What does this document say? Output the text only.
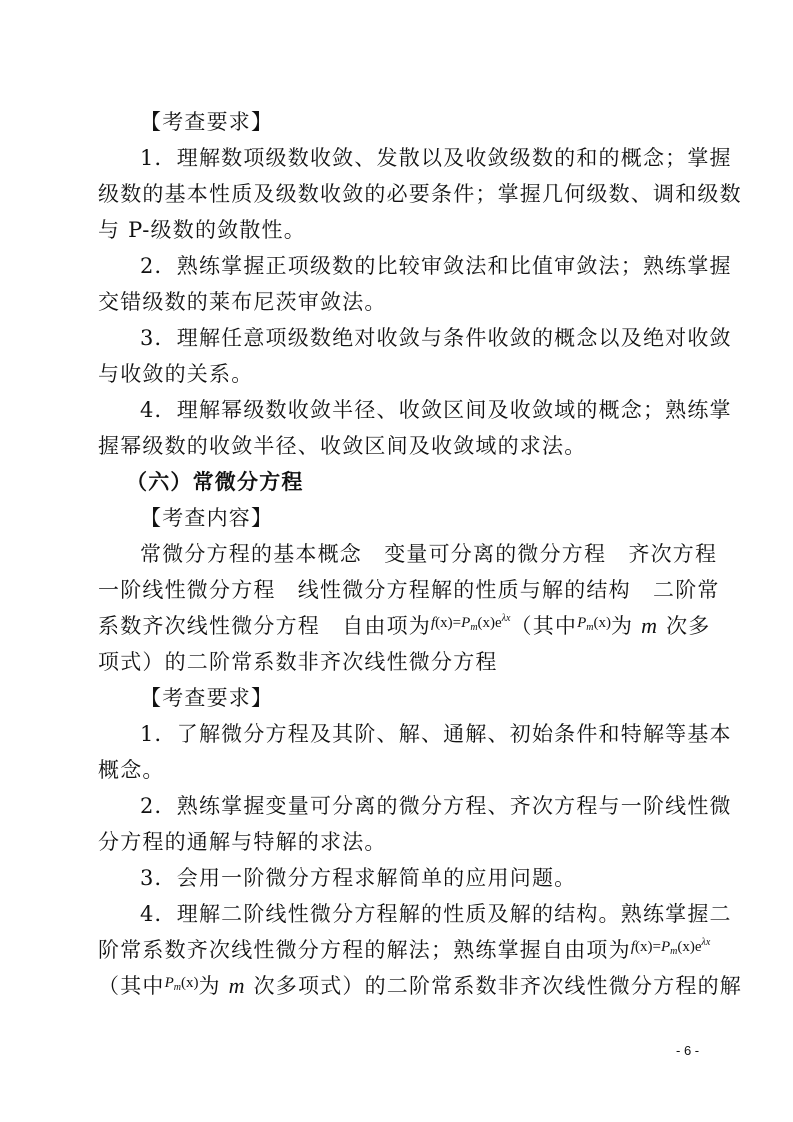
【考查要求】
1．理解数项级数收敛、发散以及收敛级数的和的概念；掌握
级数的基本性质及级数收敛的必要条件；掌握几何级数、调和级数
与 P-级数的敛散性。
2．熟练掌握正项级数的比较审敛法和比值审敛法；熟练掌握
交错级数的莱布尼茨审敛法。
3．理解任意项级数绝对收敛与条件收敛的概念以及绝对收敛
与收敛的关系。
4．理解幂级数收敛半径、收敛区间及收敛域的概念；熟练掌
握幂级数的收敛半径、收敛区间及收敛域的求法。
（六）常微分方程
【考查内容】
常微分方程的基本概念　变量可分离的微分方程　齐次方程
一阶线性微分方程　线性微分方程解的性质与解的结构　二阶常
系数齐次线性微分方程　自由项为$^{f(x)=P_m(x)e^{\lambda x}}$（其中$^{P_m(x)}$为 m 次多
项式）的二阶常系数非齐次线性微分方程
【考查要求】
1．了解微分方程及其阶、解、通解、初始条件和特解等基本
概念。
2．熟练掌握变量可分离的微分方程、齐次方程与一阶线性微
分方程的通解与特解的求法。
3．会用一阶微分方程求解简单的应用问题。
4．理解二阶线性微分方程解的性质及解的结构。熟练掌握二
阶常系数齐次线性微分方程的解法；熟练掌握自由项为$^{f(x)=P_m(x)e^{\lambda x}}$
（其中$^{P_m(x)}$为 m 次多项式）的二阶常系数非齐次线性微分方程的解
- 6 -
